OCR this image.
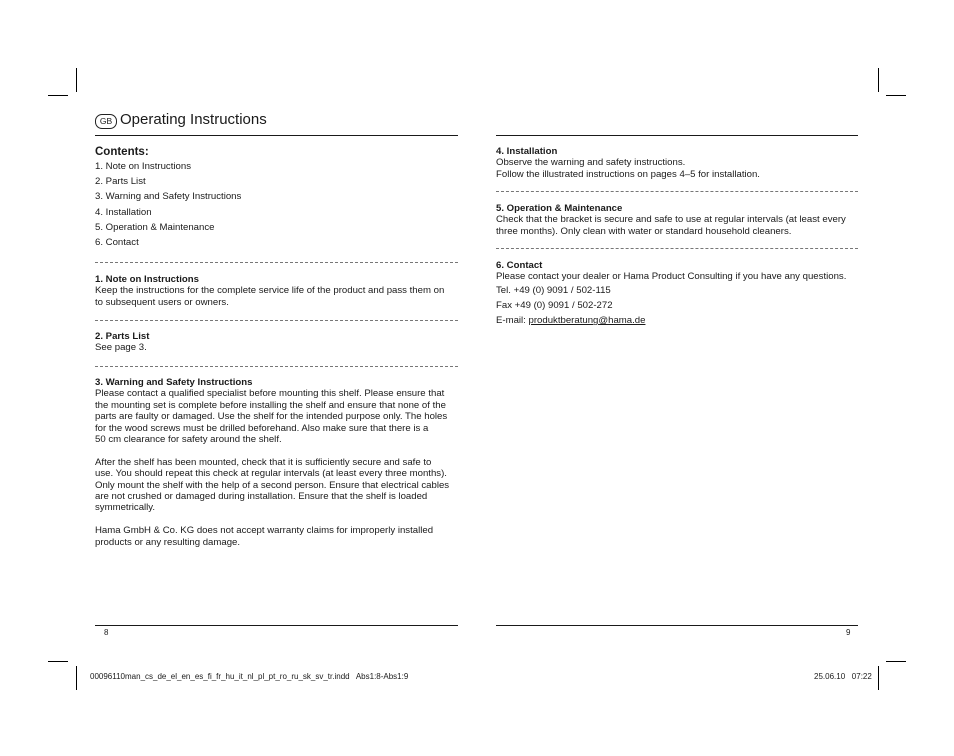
GB Operating Instructions
Contents:
1. Note on Instructions
2. Parts List
3. Warning and Safety Instructions
4. Installation
5. Operation & Maintenance
6. Contact
1. Note on Instructions

Keep the instructions for the complete service life of the product and pass them on

to subsequent users or owners.

2. Parts List

See page 3.

3. Warning and Safety Instructions

Please contact a qualified specialist before mounting this shelf. Please ensure that

the mounting set is complete before installing the shelf and ensure that none of the

parts are faulty or damaged. Use the shelf for the intended purpose only. The holes

for the wood screws must be drilled beforehand. Also make sure that there is a

50 cm clearance for safety around the shelf.

After the shelf has been mounted, check that it is sufficiently secure and safe to

use. You should repeat this check at regular intervals (at least every three months).

Only mount the shelf with the help of a second person. Ensure that electrical cables

are not crushed or damaged during installation. Ensure that the shelf is loaded

symmetrically.

Hama GmbH & Co. KG does not accept warranty claims for improperly installed

products or any resulting damage.

4. Installation

Observe the warning and safety instructions.

Follow the illustrated instructions on pages 4–5 for installation.

5. Operation & Maintenance

Check that the bracket is secure and safe to use at regular intervals (at least every

three months). Only clean with water or standard household cleaners.

6. Contact

Please contact your dealer or Hama Product Consulting if you have any questions.

Tel. +49 (0) 9091 / 502-115

Fax +49 (0) 9091 / 502-272

E-mail: produktberatung@hama.de

8	9
00096110man_cs_de_el_en_es_fi_fr_hu_it_nl_pl_pt_ro_ru_sk_sv_tr.indd   Abs1:8-Abs1:9	25.06.10   07:22
